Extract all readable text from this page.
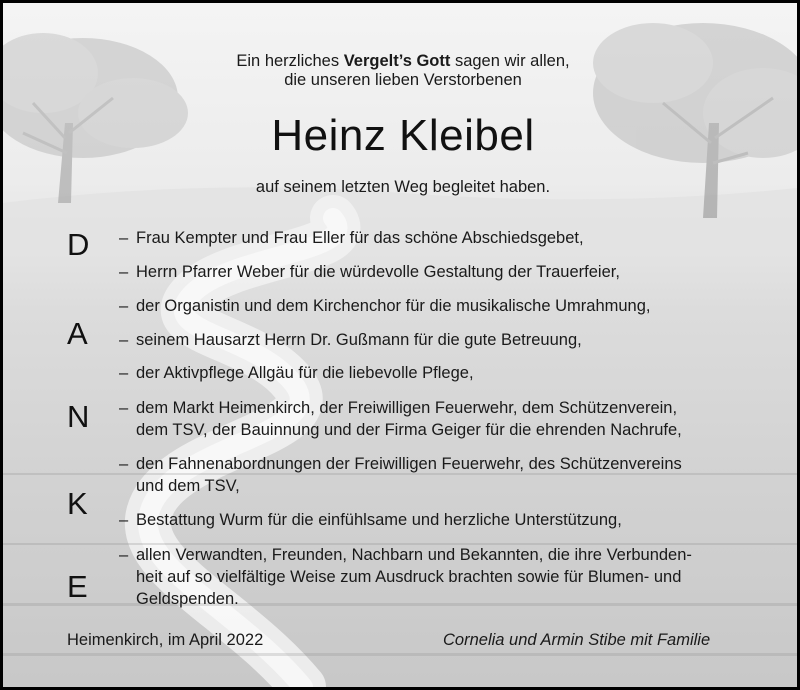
Ein herzliches Vergelt’s Gott sagen wir allen,
die unseren lieben Verstorbenen
Heinz Kleibel
auf seinem letzten Weg begleitet haben.
D
A
N
K
E
– Frau Kempter und Frau Eller für das schöne Abschiedsgebet,
– Herrn Pfarrer Weber für die würdevolle Gestaltung der Trauerfeier,
– der Organistin und dem Kirchenchor für die musikalische Umrahmung,
– seinem Hausarzt Herrn Dr. Gußmann für die gute Betreuung,
– der Aktivpflege Allgäu für die liebevolle Pflege,
– dem Markt Heimenkirch, der Freiwilligen Feuerwehr, dem Schützenverein,
dem TSV, der Bauinnung und der Firma Geiger für die ehrenden Nachrufe,
– den Fahnenabordnungen der Freiwilligen Feuerwehr, des Schützenvereins
und dem TSV,
– Bestattung Wurm für die einfühlsame und herzliche Unterstützung,
– allen Verwandten, Freunden, Nachbarn und Bekannten, die ihre Verbunden-
heit auf so vielfältige Weise zum Ausdruck brachten sowie für Blumen- und
Geldspenden.
Heimenkirch, im April 2022	Cornelia und Armin Stibe mit Familie
